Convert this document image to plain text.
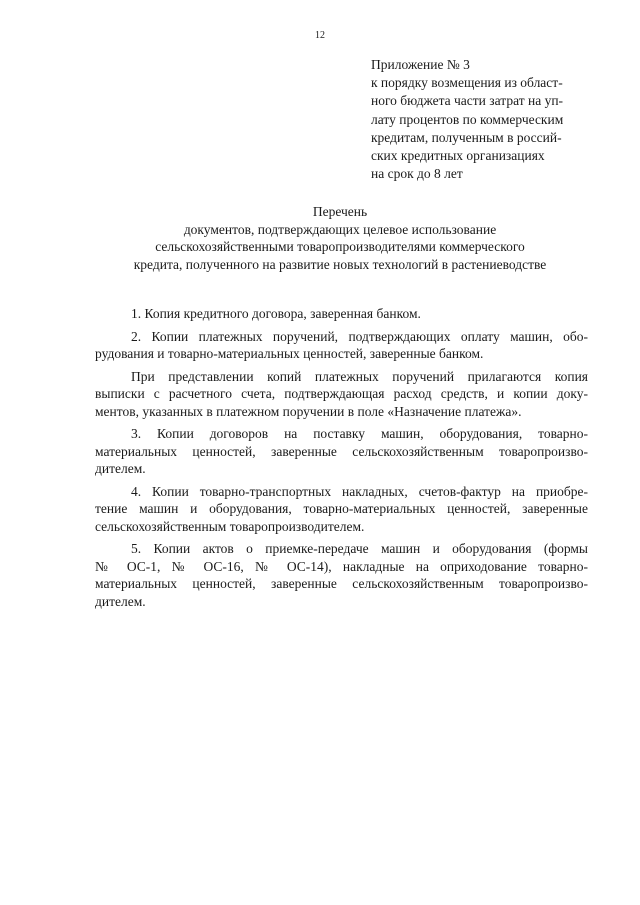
12
Приложение № 3
к порядку возмещения из област-
ного бюджета части затрат на уп-
лату процентов по коммерческим
кредитам, полученным в россий-
ских кредитных организациях
на срок до 8 лет
Перечень
документов, подтверждающих целевое использование
сельскохозяйственными товаропроизводителями коммерческого
кредита, полученного на развитие новых технологий в растениеводстве
1. Копия кредитного договора, заверенная банком.
2. Копии платежных поручений, подтверждающих оплату машин, обо-
рудования и товарно-материальных ценностей, заверенные банком.
При представлении копий платежных поручений прилагаются копия
выписки с расчетного счета, подтверждающая расход средств, и копии доку-
ментов, указанных в платежном поручении в поле «Назначение платежа».
3. Копии договоров на поставку машин, оборудования, товарно-
материальных ценностей, заверенные сельскохозяйственным товаропроизво-
дителем.
4. Копии товарно-транспортных накладных, счетов-фактур на приобре-
тение машин и оборудования, товарно-материальных ценностей, заверенные
сельскохозяйственным товаропроизводителем.
5. Копии актов о приемке-передаче машин и оборудования (формы
№ ОС-1, № ОС-16, № ОС-14), накладные на оприходование товарно-
материальных ценностей, заверенные сельскохозяйственным товаропроизво-
дителем.
